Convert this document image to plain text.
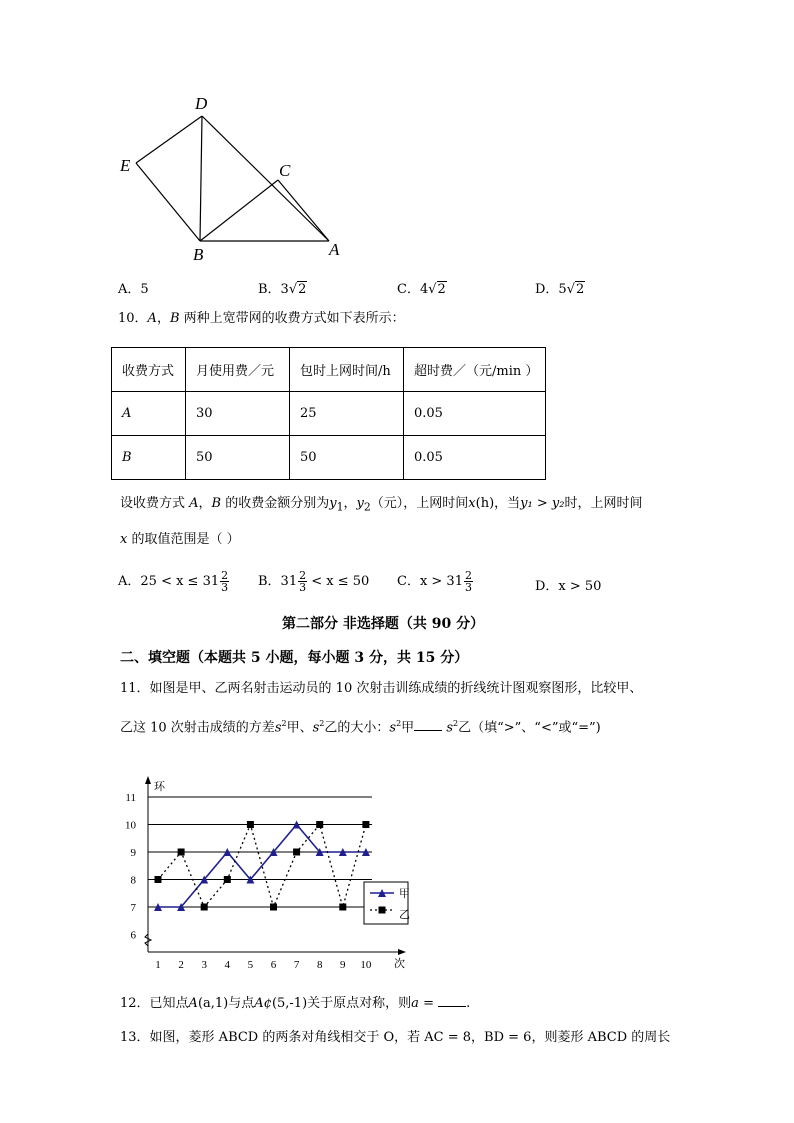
D
E	C
B	A
A．5	B．3√2	C．4√2	D．5√2
10．A，B 两种上宽带网的收费方式如下表所示：
收费方式	月使用费／元	包时上网时间/h	超时费／（元/min ）
A	30	25	0.05
B	50	50	0.05
设收费方式 A，B 的收费金额分别为$y_1$，$y_2$（元），上网时间x(h)，当y₁ > y₂时，上网时间
x 的取值范围是（ ）
A．$25 < x \le 31 \frac{2}{3}$ B．$31 \frac{2}{3} < x \le 50$ C．$x > 31 \frac{2}{3}$	D．x > 50
第二部分 非选择题（共 90 分）
二、填空题（本题共 5 小题，每小题 3 分，共 15 分）
11．如图是甲、乙两名射击运动员的 10 次射击训练成绩的折线统计图观察图形，比较甲、
乙这 10 次射击成绩的方差$s^2$甲、$s^2$乙的大小：$s^2$甲 $s^2$乙（填“>”、“<”或“=”)
6
7
8
9
10
11
环
次
1 2 3 4 5 6 7 8 9 10
甲
乙
12．已知点A(a,1)与点A¢(5,-1)关于原点对称，则a = .
13．如图，菱形 ABCD 的两条对角线相交于 O，若 AC = 8，BD = 6，则菱形 ABCD 的周长
